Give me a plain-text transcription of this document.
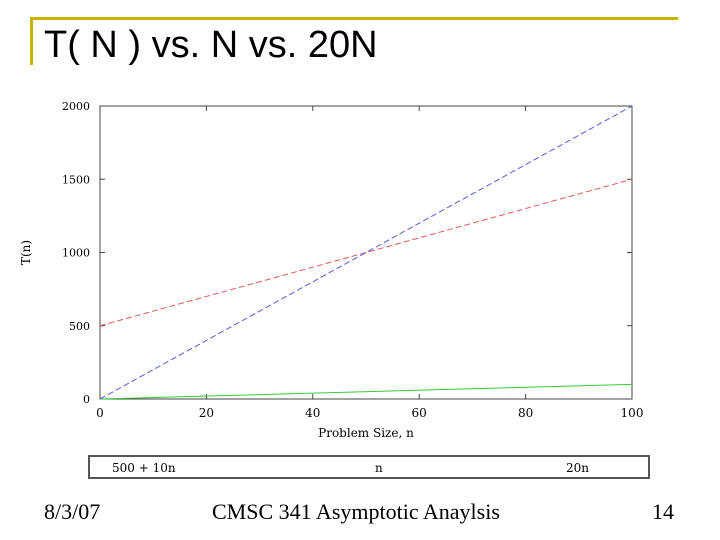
T( N ) vs. N vs. 20N
0	20	40	60	80	100
0
500
1000
1500
2000
Problem Size, n
T(n)
500 + 10n	n	20n
8/3/07	CMSC 341 Asymptotic Anaylsis	14
